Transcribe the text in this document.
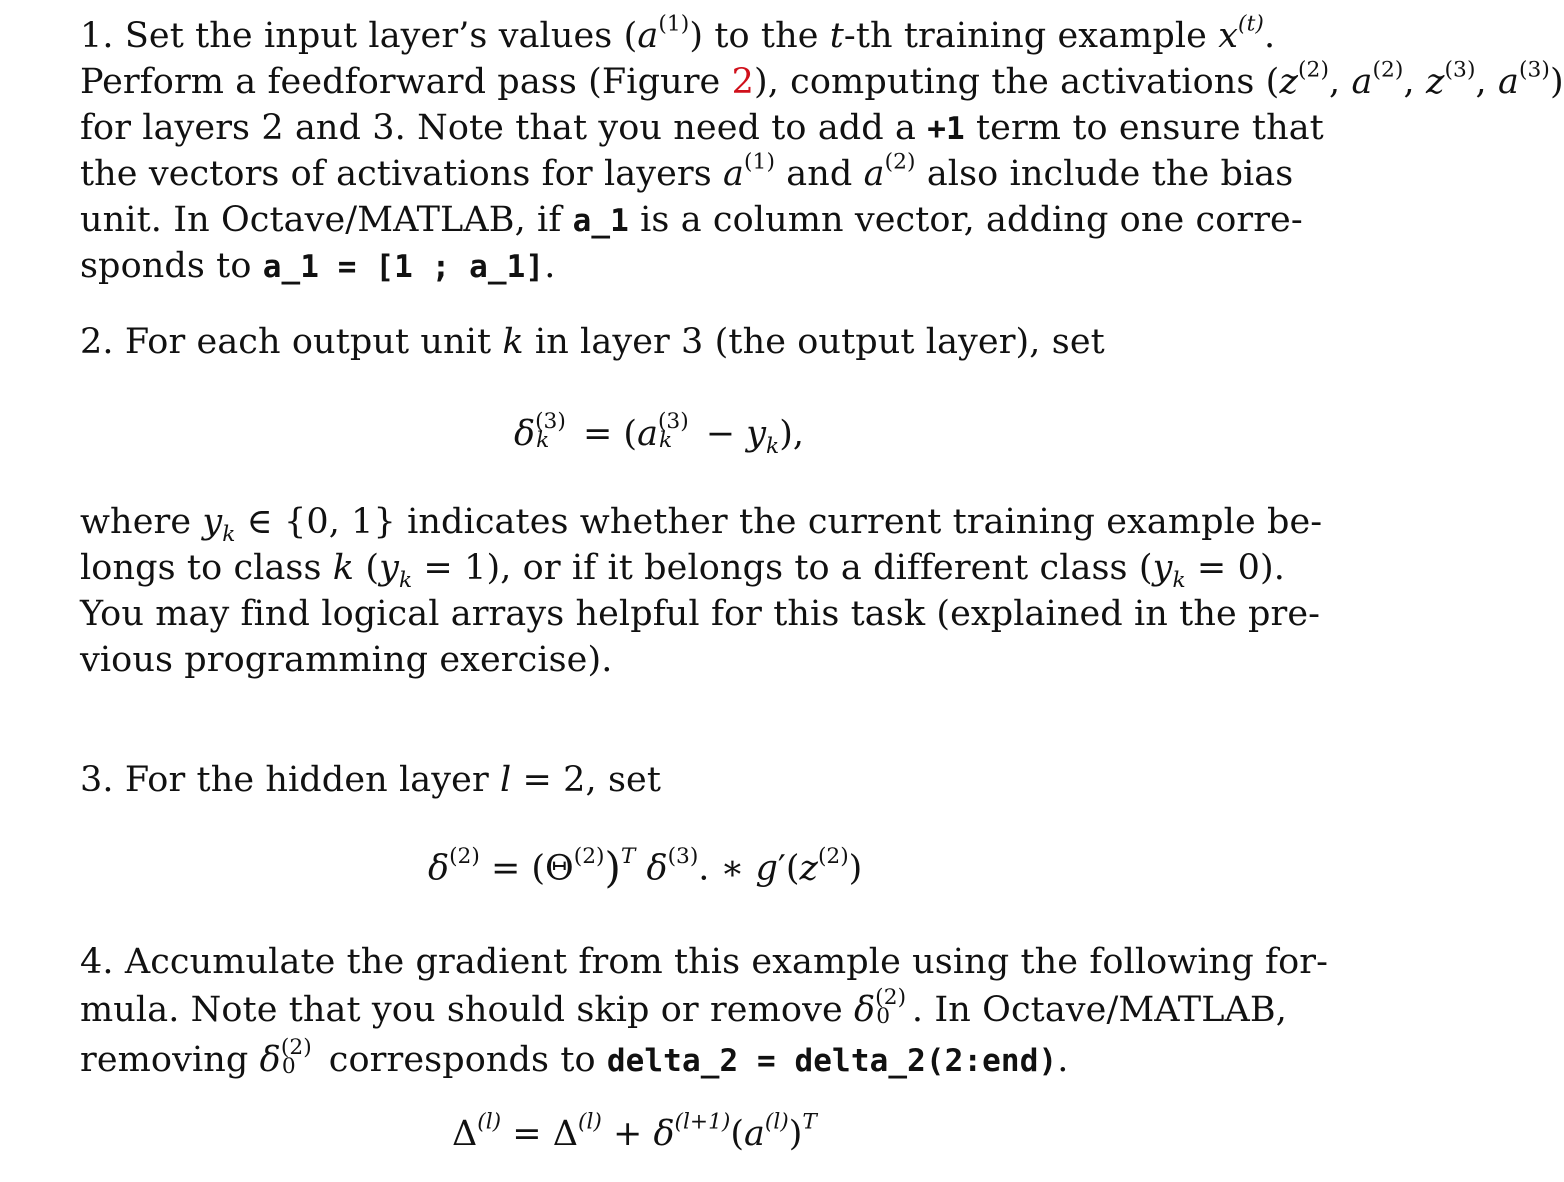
1. Set the input layer’s values $(a^{(1)})$ to the t-th training example $x^{(t)}$.
Perform a feedforward pass (Figure 2), computing the activations ($z^{(2)}$, $a^{(2)}$, $z^{(3)}$, $a^{(3)}$)
for layers 2 and 3. Note that you need to add a +1 term to ensure that
the vectors of activations for layers $a^{(1)}$ and $a^{(2)}$ also include the bias
unit. In Octave/MATLAB, if a_1 is a column vector, adding one corre-
sponds to a_1 = [1 ; a_1].
2. For each output unit k in layer 3 (the output layer), set
δ (3)
k = (a (3)
$k - y_k$),
where $y_k$ ∈ {0, 1} indicates whether the current training example be-
longs to class k $(y_k = 1)$, or if it belongs to a different class $(y_k = 0)$.
You may find logical arrays helpful for this task (explained in the pre-
vious programming exercise).
3. For the hidden layer l = 2, set
$\delta^{(2)} = (\Theta^{(2)})^T$ $\delta^{(3)}$. ∗ $g'(z^{(2)})$
4. Accumulate the gradient from this example using the following for-
mula. Note that you should skip or remove δ (2)
0 . In Octave/MATLAB,
removing δ (2)
0 corresponds to delta_2 = delta_2(2:end).
$\Delta^{(l)} = \Delta^{(l)} + \delta^{(l+1)}(a^{(l)})^T$
